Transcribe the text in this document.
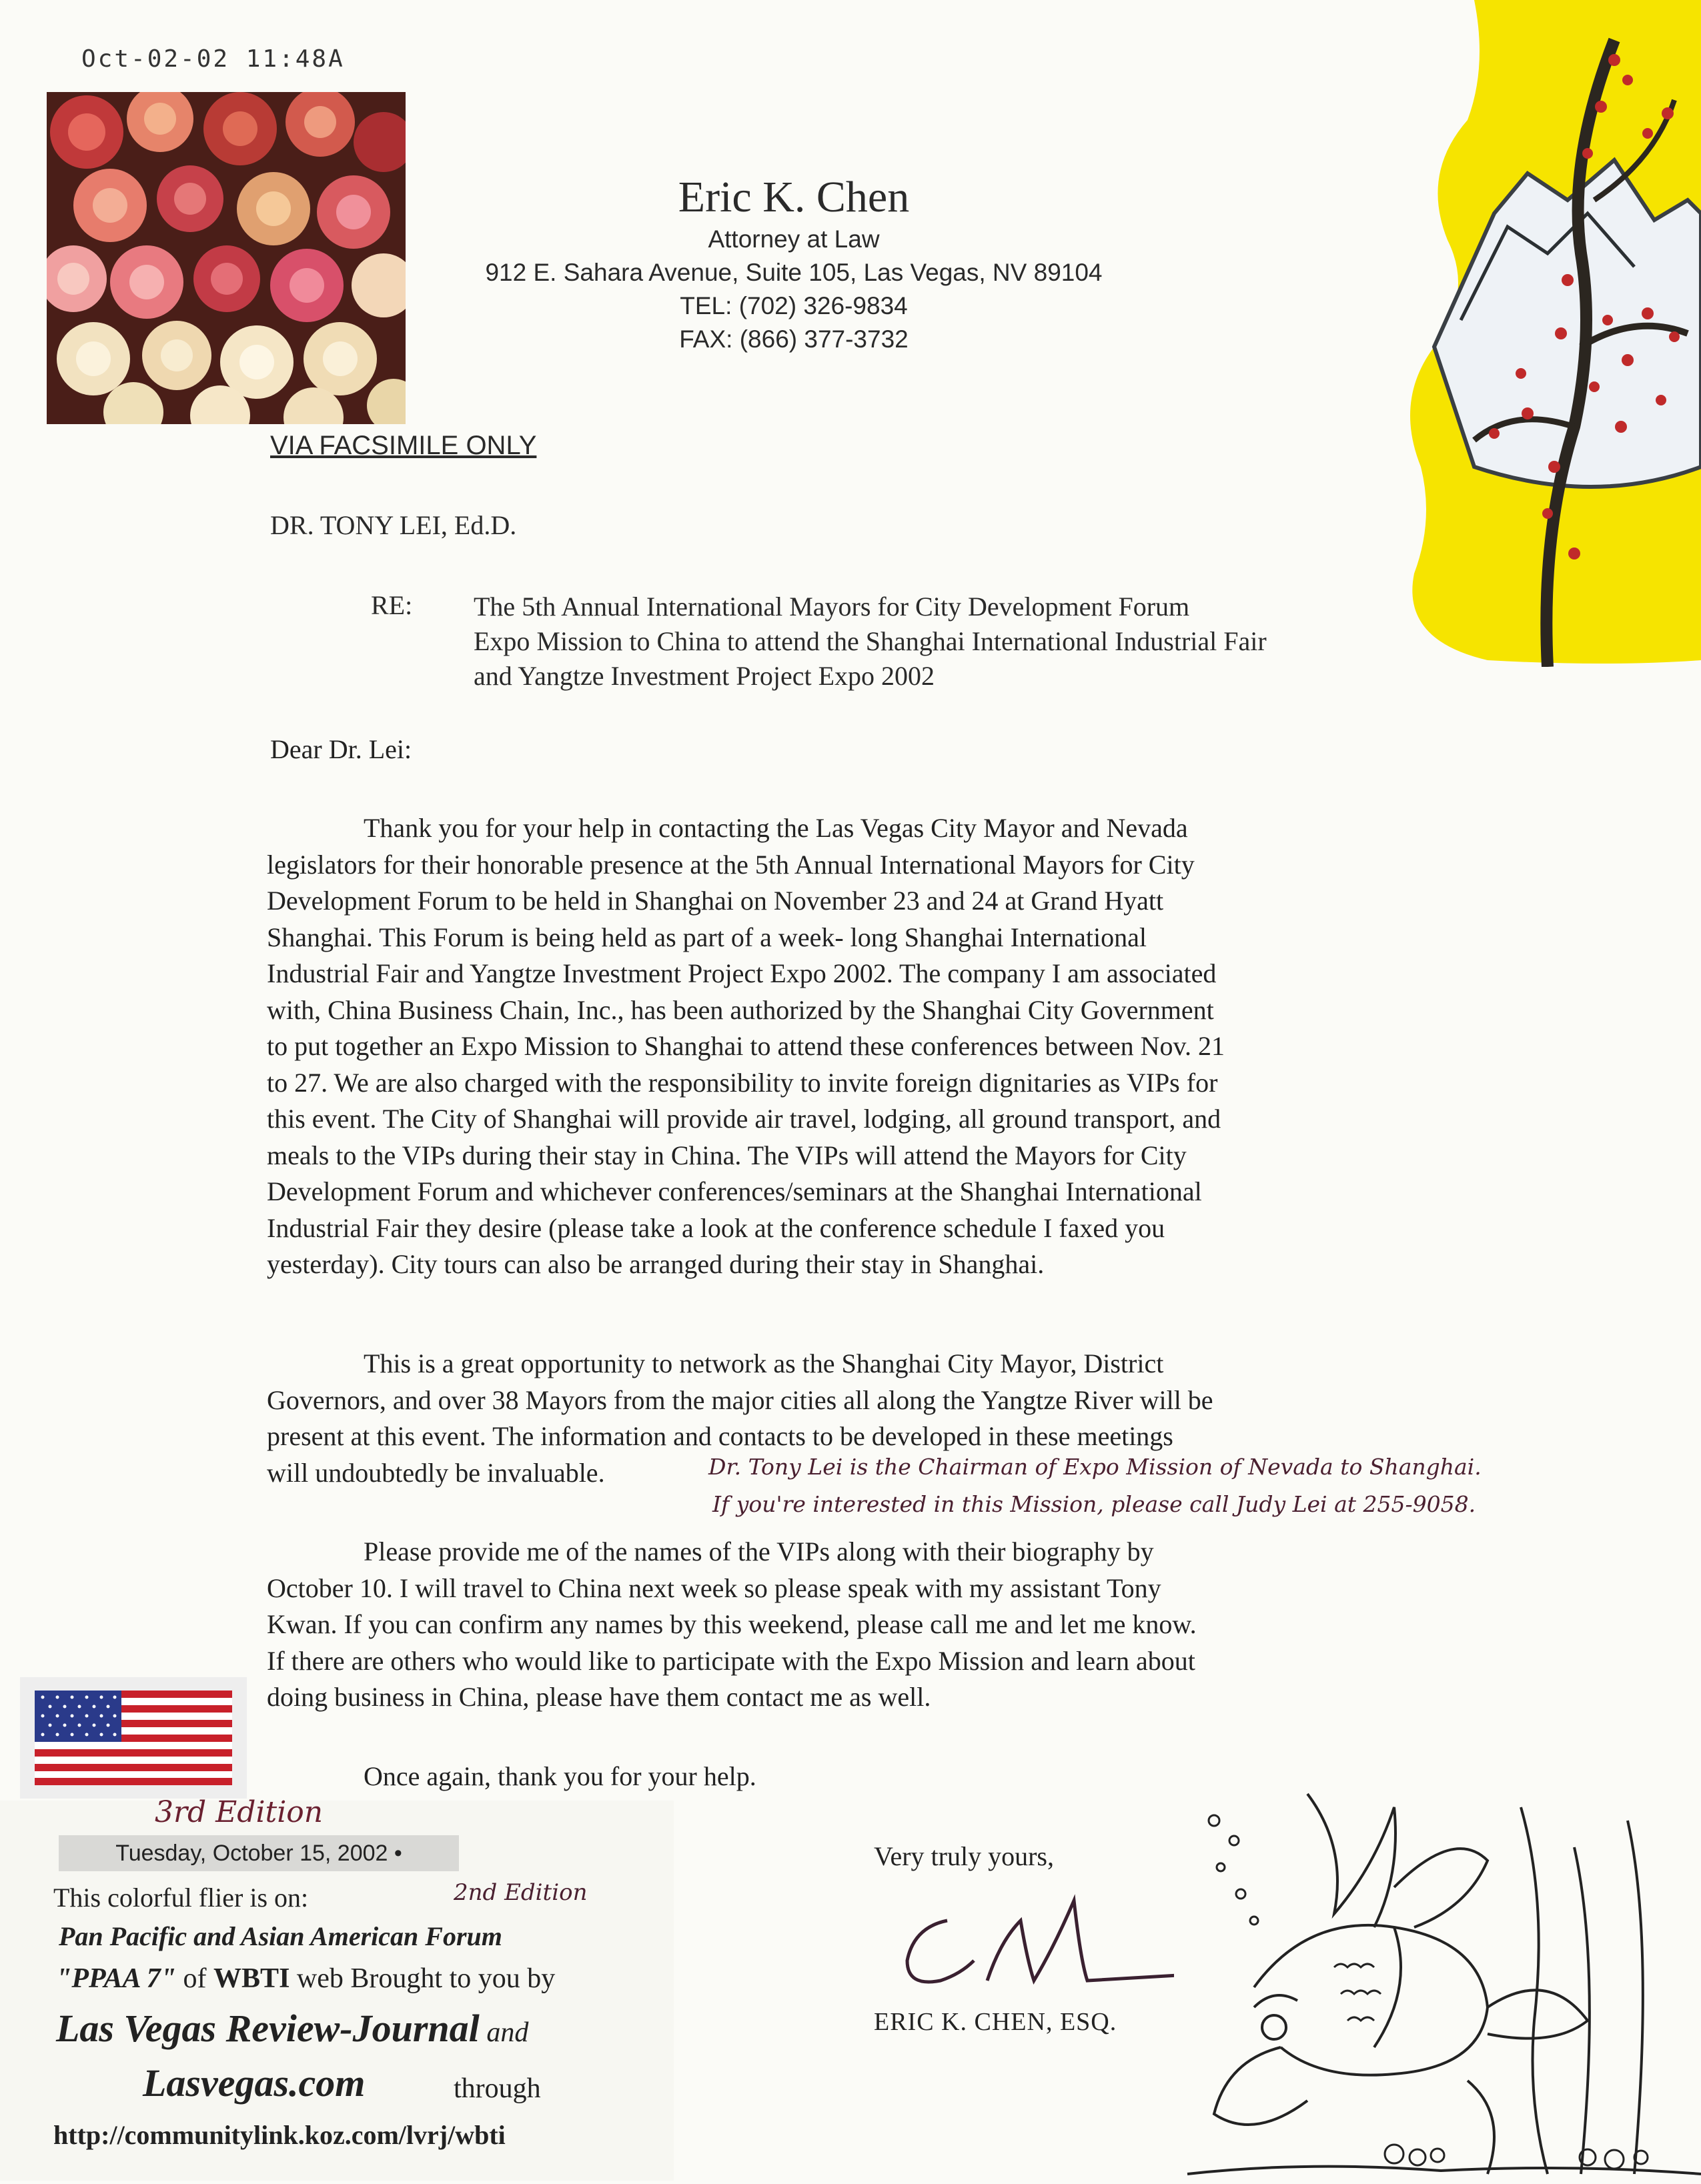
Oct-02-02 11:48A
Eric K. Chen
Attorney at Law
912 E. Sahara Avenue, Suite 105, Las Vegas, NV 89104
TEL: (702) 326-9834
FAX: (866) 377-3732
VIA FACSIMILE ONLY
DR. TONY LEI, Ed.D.
RE: The 5th Annual International Mayors for City Development Forum
Expo Mission to China to attend the Shanghai International Industrial Fair
and Yangtze Investment Project Expo 2002
Dear Dr. Lei:
Thank you for your help in contacting the Las Vegas City Mayor and Nevada
legislators for their honorable presence at the 5th Annual International Mayors for City
Development Forum to be held in Shanghai on November 23 and 24 at Grand Hyatt
Shanghai. This Forum is being held as part of a week- long Shanghai International
Industrial Fair and Yangtze Investment Project Expo 2002. The company I am associated
with, China Business Chain, Inc., has been authorized by the Shanghai City Government
to put together an Expo Mission to Shanghai to attend these conferences between Nov. 21
to 27. We are also charged with the responsibility to invite foreign dignitaries as VIPs for
this event. The City of Shanghai will provide air travel, lodging, all ground transport, and
meals to the VIPs during their stay in China. The VIPs will attend the Mayors for City
Development Forum and whichever conferences/seminars at the Shanghai International
Industrial Fair they desire (please take a look at the conference schedule I faxed you
yesterday). City tours can also be arranged during their stay in Shanghai.
This is a great opportunity to network as the Shanghai City Mayor, District
Governors, and over 38 Mayors from the major cities all along the Yangtze River will be
present at this event. The information and contacts to be developed in these meetings
will undoubtedly be invaluable.	Dr. Tony Lei is the Chairman of Expo Mission of Nevada to Shanghai.
If you're interested in this Mission, please call Judy Lei at 255-9058.
Please provide me of the names of the VIPs along with their biography by
October 10. I will travel to China next week so please speak with my assistant Tony
Kwan. If you can confirm any names by this weekend, please call me and let me know.
If there are others who would like to participate with the Expo Mission and learn about
doing business in China, please have them contact me as well.
Once again, thank you for your help.
Very truly yours,
ERIC K. CHEN, ESQ.
3rd Edition
Tuesday, October 15, 2002 •
This colorful flier is on:	2nd Edition
Pan Pacific and Asian American Forum
"PPAA 7" of WBTI web Brought to you by
Las Vegas Review-Journal and
Lasvegas.com	through
http://communitylink.koz.com/lvrj/wbti
